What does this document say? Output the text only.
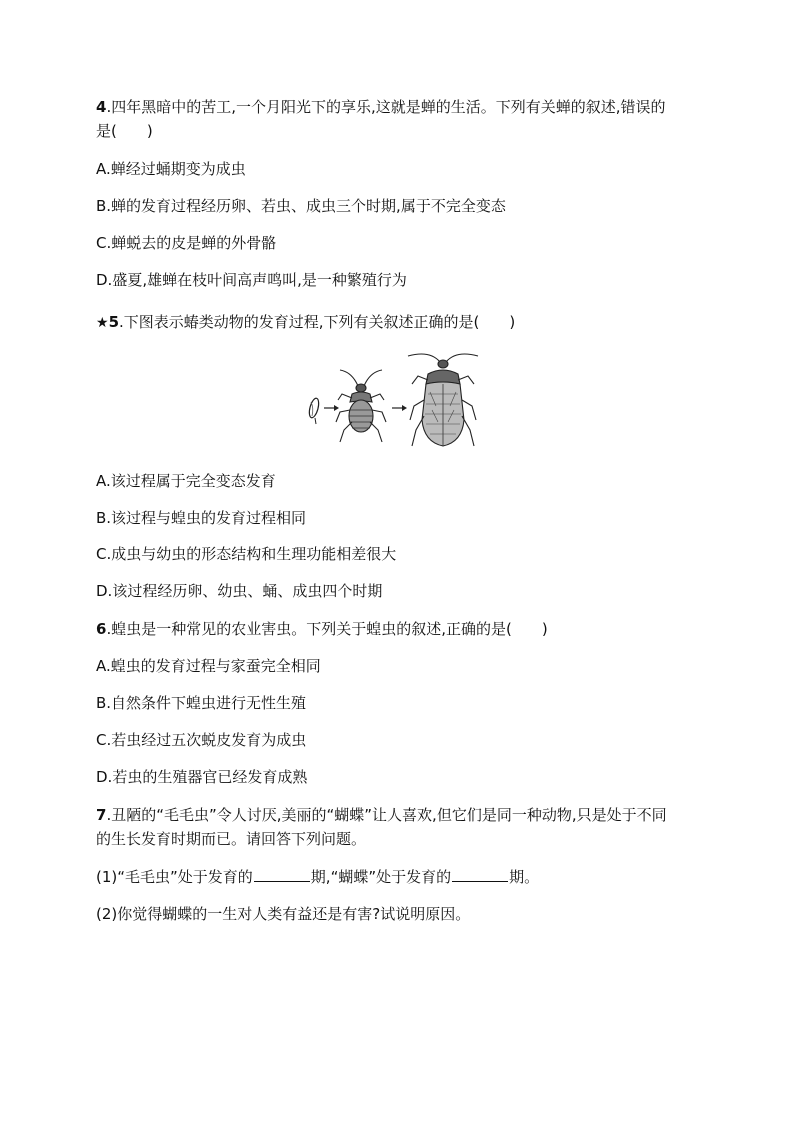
4.四年黑暗中的苦工,一个月阳光下的享乐,这就是蝉的生活。下列有关蝉的叙述,错误的
是(　　)
A.蝉经过蛹期变为成虫
B.蝉的发育过程经历卵、若虫、成虫三个时期,属于不完全变态
C.蝉蜕去的皮是蝉的外骨骼
D.盛夏,雄蝉在枝叶间高声鸣叫,是一种繁殖行为
★5.下图表示蝽类动物的发育过程,下列有关叙述正确的是(　　)
A.该过程属于完全变态发育
B.该过程与蝗虫的发育过程相同
C.成虫与幼虫的形态结构和生理功能相差很大
D.该过程经历卵、幼虫、蛹、成虫四个时期
6.蝗虫是一种常见的农业害虫。下列关于蝗虫的叙述,正确的是(　　)
A.蝗虫的发育过程与家蚕完全相同
B.自然条件下蝗虫进行无性生殖
C.若虫经过五次蜕皮发育为成虫
D.若虫的生殖器官已经发育成熟
7.丑陋的“毛毛虫”令人讨厌,美丽的“蝴蝶”让人喜欢,但它们是同一种动物,只是处于不同
的生长发育时期而已。请回答下列问题。
(1)“毛毛虫”处于发育的	期,“蝴蝶”处于发育的	期。
(2)你觉得蝴蝶的一生对人类有益还是有害?试说明原因。
